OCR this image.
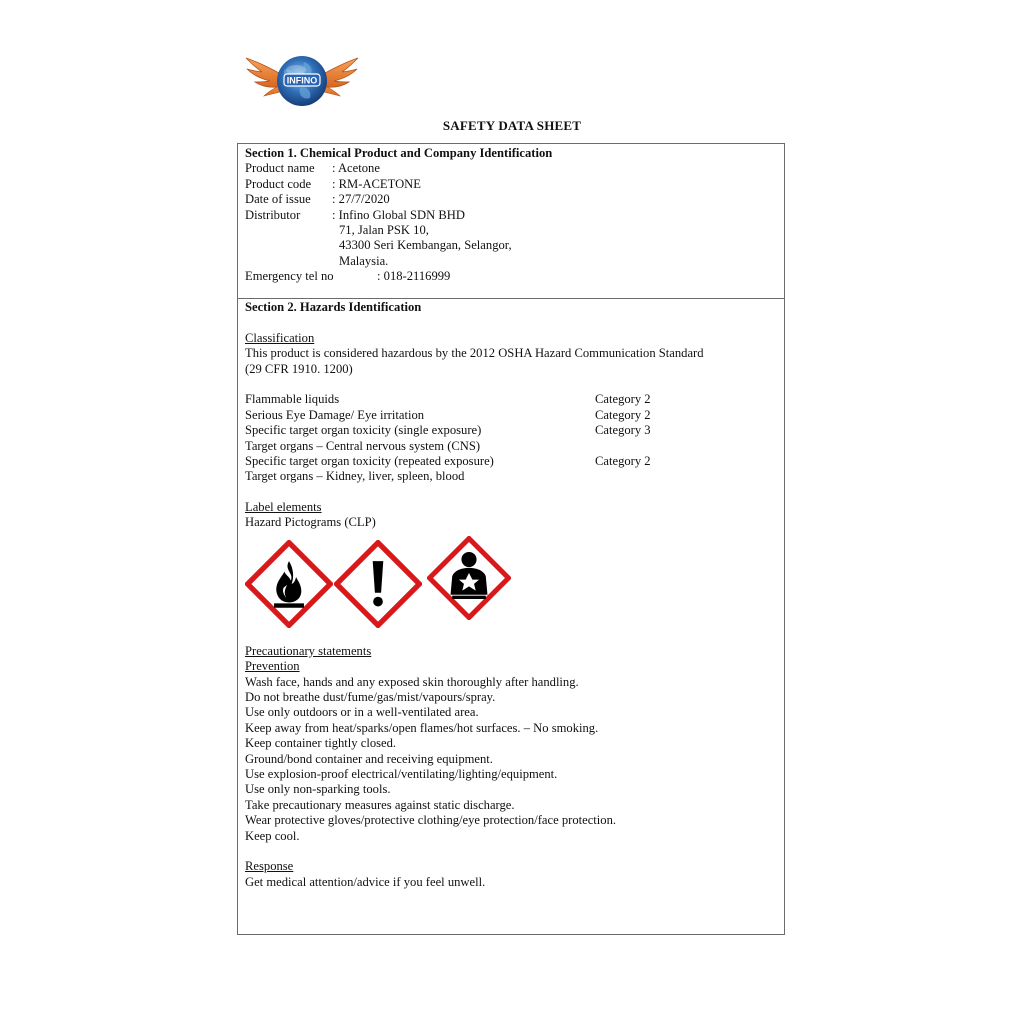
INFINO
SAFETY DATA SHEET
Section 1. Chemical Product and Company Identification
Product name	: Acetone
Product code	: RM-ACETONE
Date of issue	: 27/7/2020
Distributor	: Infino Global SDN BHD
71, Jalan PSK 10,
43300 Seri Kembangan, Selangor,
Malaysia.
Emergency tel no	: 018-2116999
Section 2. Hazards Identification
Classification
This product is considered hazardous by the 2012 OSHA Hazard Communication Standard
(29 CFR 1910. 1200)
Flammable liquids	Category 2
Serious Eye Damage/ Eye irritation	Category 2
Specific target organ toxicity (single exposure)	Category 3
Target organs – Central nervous system (CNS)
Specific target organ toxicity (repeated exposure)	Category 2
Target organs – Kidney, liver, spleen, blood
Label elements
Hazard Pictograms (CLP)
Precautionary statements
Prevention
Wash face, hands and any exposed skin thoroughly after handling.
Do not breathe dust/fume/gas/mist/vapours/spray.
Use only outdoors or in a well-ventilated area.
Keep away from heat/sparks/open flames/hot surfaces. – No smoking.
Keep container tightly closed.
Ground/bond container and receiving equipment.
Use explosion-proof electrical/ventilating/lighting/equipment.
Use only non-sparking tools.
Take precautionary measures against static discharge.
Wear protective gloves/protective clothing/eye protection/face protection.
Keep cool.
Response
Get medical attention/advice if you feel unwell.
